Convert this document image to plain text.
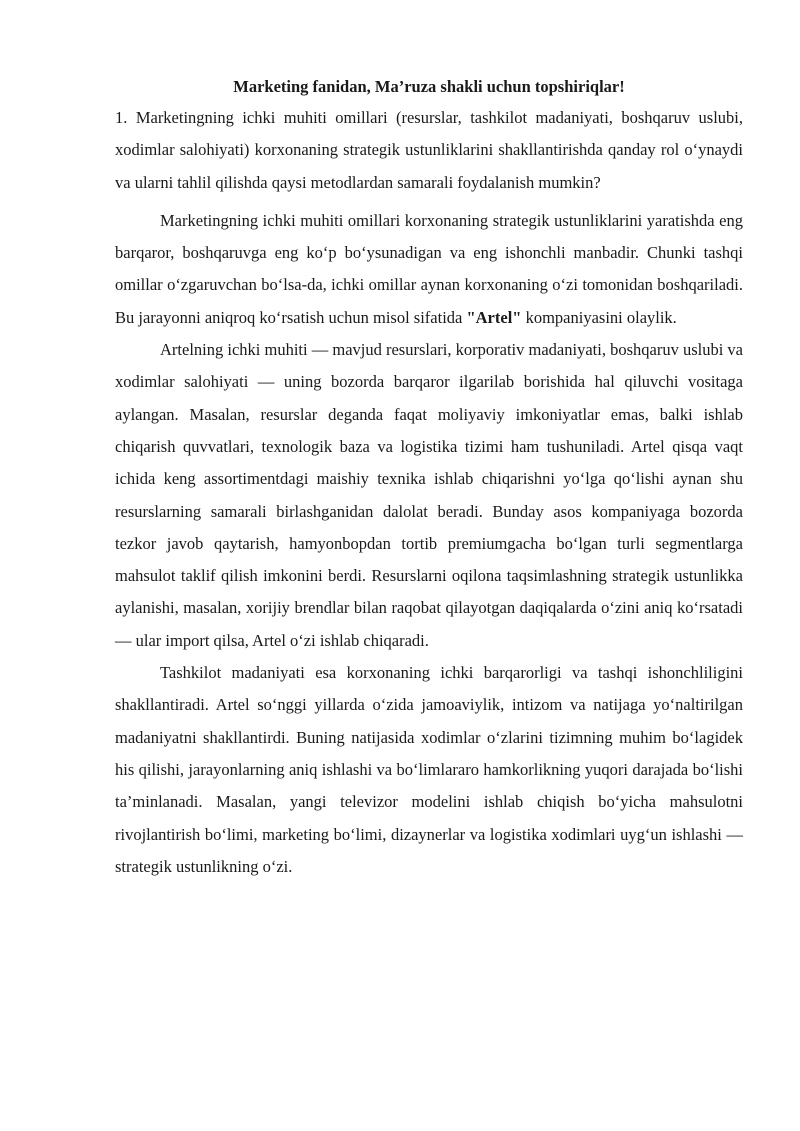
Marketing fanidan, Ma’ruza shakli uchun topshiriqlar!

1. Marketingning ichki muhiti omillari (resurslar, tashkilot madaniyati, boshqaruv uslubi, xodimlar salohiyati) korxonaning strategik ustunliklarini shakllantirishda qanday rol o‘ynaydi va ularni tahlil qilishda qaysi metodlardan samarali foydalanish mumkin?

Marketingning ichki muhiti omillari korxonaning strategik ustunliklarini yaratishda eng barqaror, boshqaruvga eng ko‘p bo‘ysunadigan va eng ishonchli manbadir. Chunki tashqi omillar o‘zgaruvchan bo‘lsa-da, ichki omillar aynan korxonaning o‘zi tomonidan boshqariladi. Bu jarayonni aniqroq ko‘rsatish uchun misol sifatida "Artel" kompaniyasini olaylik.

Artelning ichki muhiti — mavjud resurslari, korporativ madaniyati, boshqaruv uslubi va xodimlar salohiyati — uning bozorda barqaror ilgarilab borishida hal qiluvchi vositaga aylangan. Masalan, resurslar deganda faqat moliyaviy imkoniyatlar emas, balki ishlab chiqarish quvvatlari, texnologik baza va logistika tizimi ham tushuniladi. Artel qisqa vaqt ichida keng assortimentdagi maishiy texnika ishlab chiqarishni yo‘lga qo‘lishi aynan shu resurslarning samarali birlashganidan dalolat beradi. Bunday asos kompaniyaga bozorda tezkor javob qaytarish, hamyonbopdan tortib premiumgacha bo‘lgan turli segmentlarga mahsulot taklif qilish imkonini berdi. Resurslarni oqilona taqsimlashning strategik ustunlikka aylanishi, masalan, xorijiy brendlar bilan raqobat qilayotgan daqiqalarda o‘zini aniq ko‘rsatadi — ular import qilsa, Artel o‘zi ishlab chiqaradi.

Tashkilot madaniyati esa korxonaning ichki barqarorligi va tashqi ishonchliligini shakllantiradi. Artel so‘nggi yillarda o‘zida jamoaviylik, intizom va natijaga yo‘naltirilgan madaniyatni shakllantirdi. Buning natijasida xodimlar o‘zlarini tizimning muhim bo‘lagidek his qilishi, jarayonlarning aniq ishlashi va bo‘limlararo hamkorlikning yuqori darajada bo‘lishi ta’minlanadi. Masalan, yangi televizor modelini ishlab chiqish bo‘yicha mahsulotni rivojlantirish bo‘limi, marketing bo‘limi, dizaynerlar va logistika xodimlari uyg‘un ishlashi — strategik ustunlikning o‘zi.
